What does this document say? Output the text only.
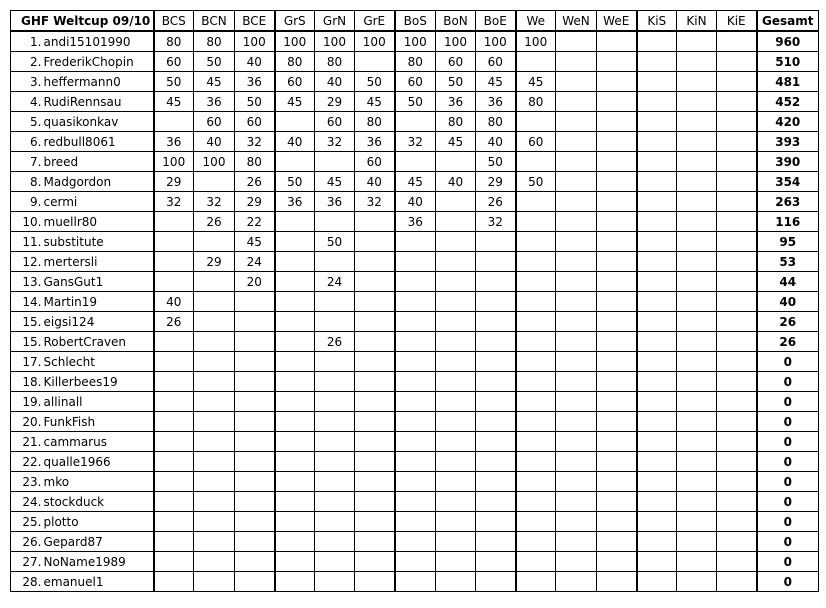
GHF Weltcup 09/10		BCS	BCN	BCE	GrS	GrN	GrE	BoS	BoN	BoE	We	WeN	WeE	KiS	KiN	KiE	Gesamt
1.	andi15101990	80	80	100	100	100	100	100	100	100	100						960
2.	FrederikChopin	60	50	40	80	80		80	60	60							510
3.	heffermann0	50	45	36	60	40	50	60	50	45	45						481
4.	RudiRennsau	45	36	50	45	29	45	50	36	36	80						452
5.	quasikonkav		60	60		60	80		80	80							420
6.	redbull8061	36	40	32	40	32	36	32	45	40	60						393
7.	breed	100	100	80			60			50							390
8.	Madgordon	29		26	50	45	40	45	40	29	50						354
9.	cermi	32	32	29	36	36	32	40		26							263
10.	muellr80		26	22				36		32							116
11.	substitute			45		50											95
12.	mertersli		29	24													53
13.	GansGut1			20		24											44
14.	Martin19	40															40
15.	eigsi124	26															26
15.	RobertCraven					26											26
17.	Schlecht																0
18.	Killerbees19																0
19.	allinall																0
20.	FunkFish																0
21.	cammarus																0
22.	qualle1966																0
23.	mko																0
24.	stockduck																0
25.	plotto																0
26.	Gepard87																0
27.	NoName1989																0
28.	emanuel1																0
